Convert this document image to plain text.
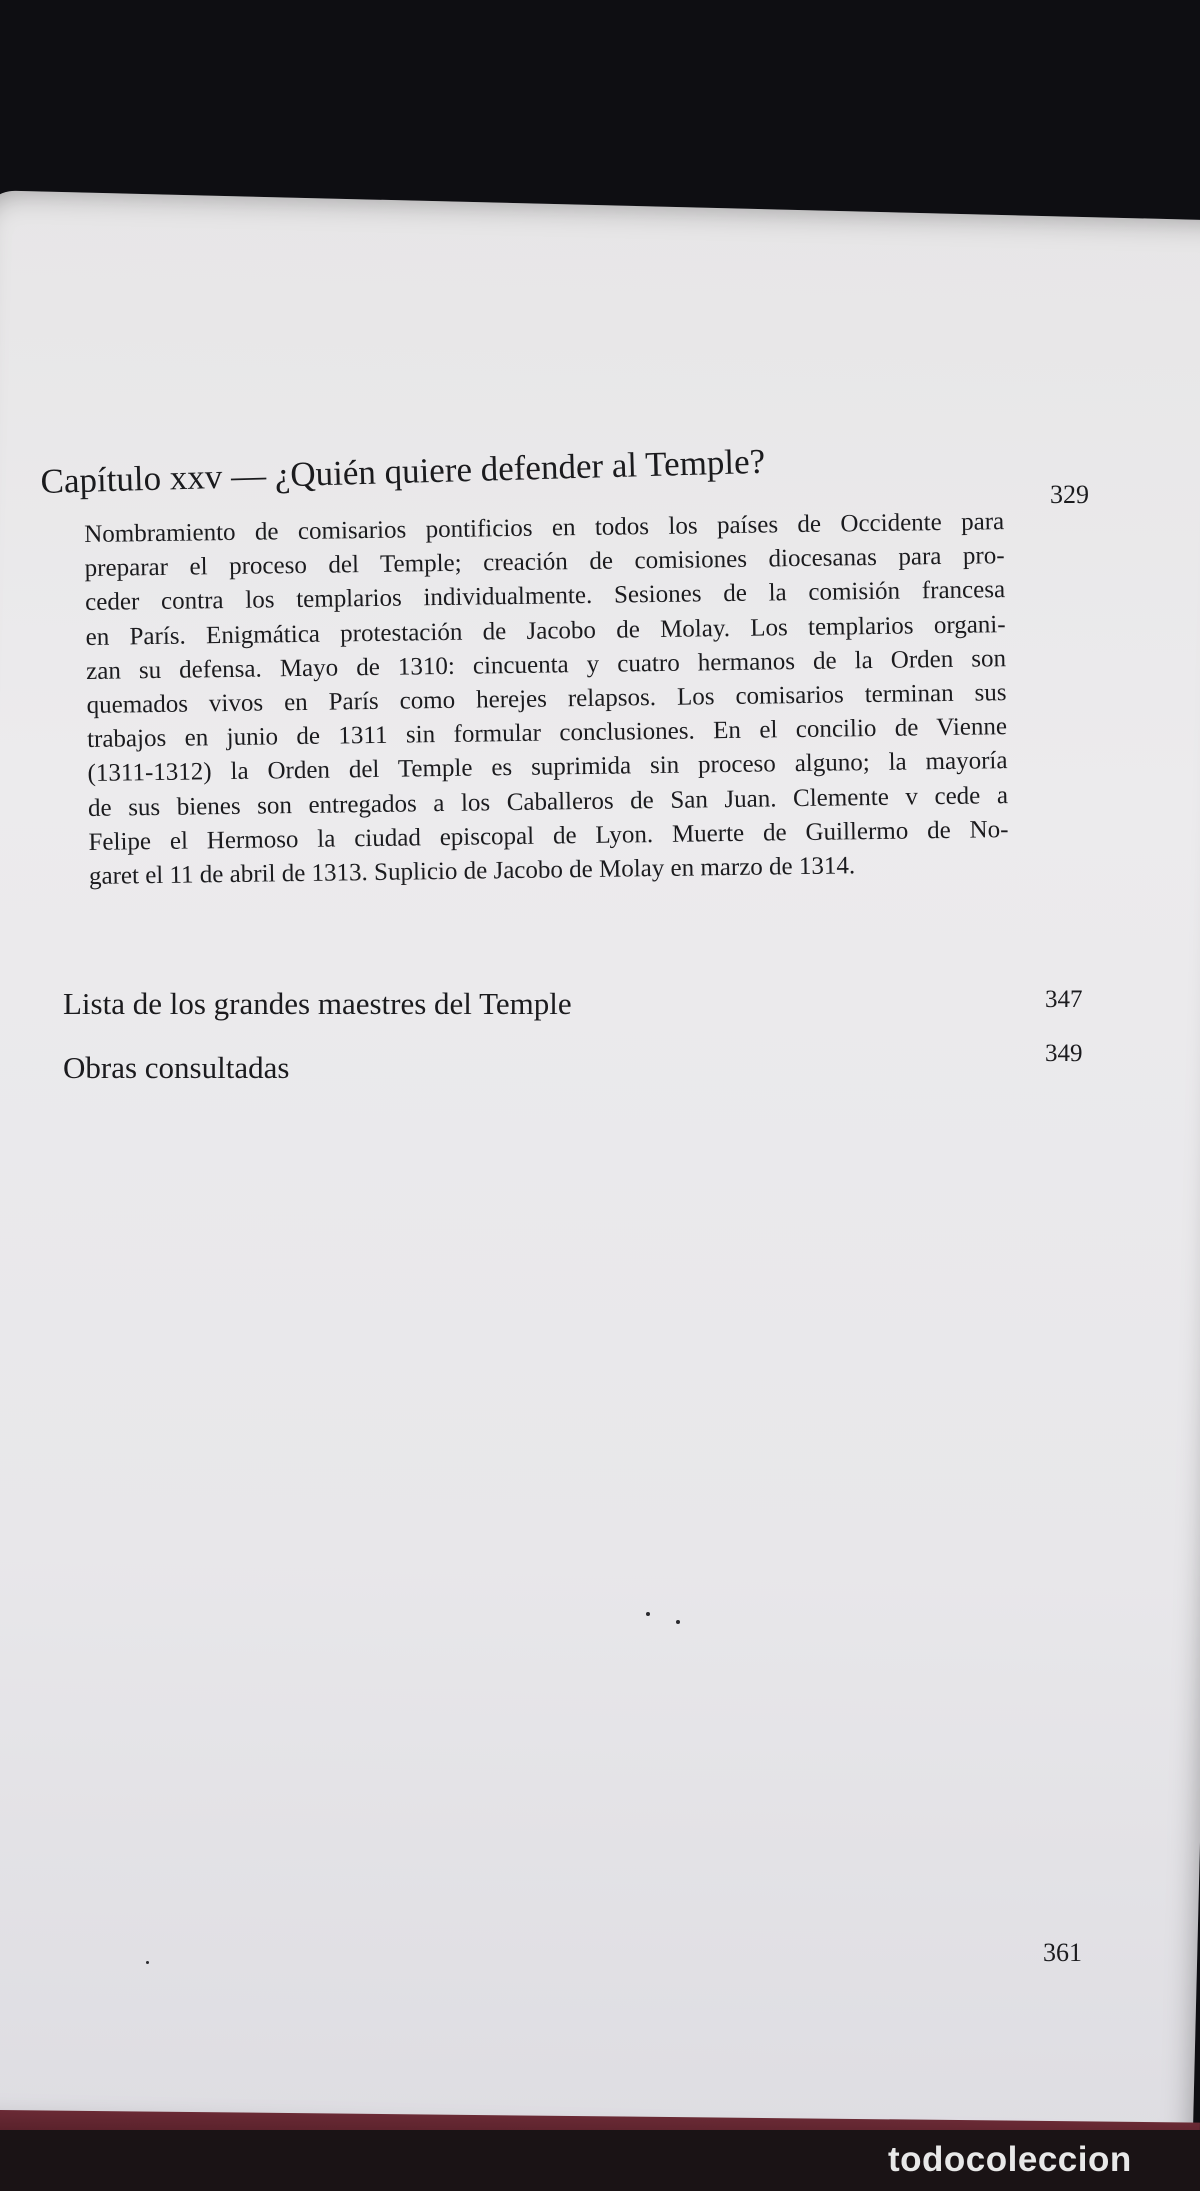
Capítulo xxv — ¿Quién quiere defender al Temple?	329
Nombramiento de comisarios pontificios en todos los países de Occidente para
preparar el proceso del Temple; creación de comisiones diocesanas para pro-
ceder contra los templarios individualmente. Sesiones de la comisión francesa
en París. Enigmática protestación de Jacobo de Molay. Los templarios organi-
zan su defensa. Mayo de 1310: cincuenta y cuatro hermanos de la Orden son
quemados vivos en París como herejes relapsos. Los comisarios terminan sus
trabajos en junio de 1311 sin formular conclusiones. En el concilio de Vienne
(1311-1312) la Orden del Temple es suprimida sin proceso alguno; la mayoría
de sus bienes son entregados a los Caballeros de San Juan. Clemente v cede a
Felipe el Hermoso la ciudad episcopal de Lyon. Muerte de Guillermo de No-
garet el 11 de abril de 1313. Suplicio de Jacobo de Molay en marzo de 1314.
Lista de los grandes maestres del Temple	347
Obras consultadas	349
361
todocoleccion
